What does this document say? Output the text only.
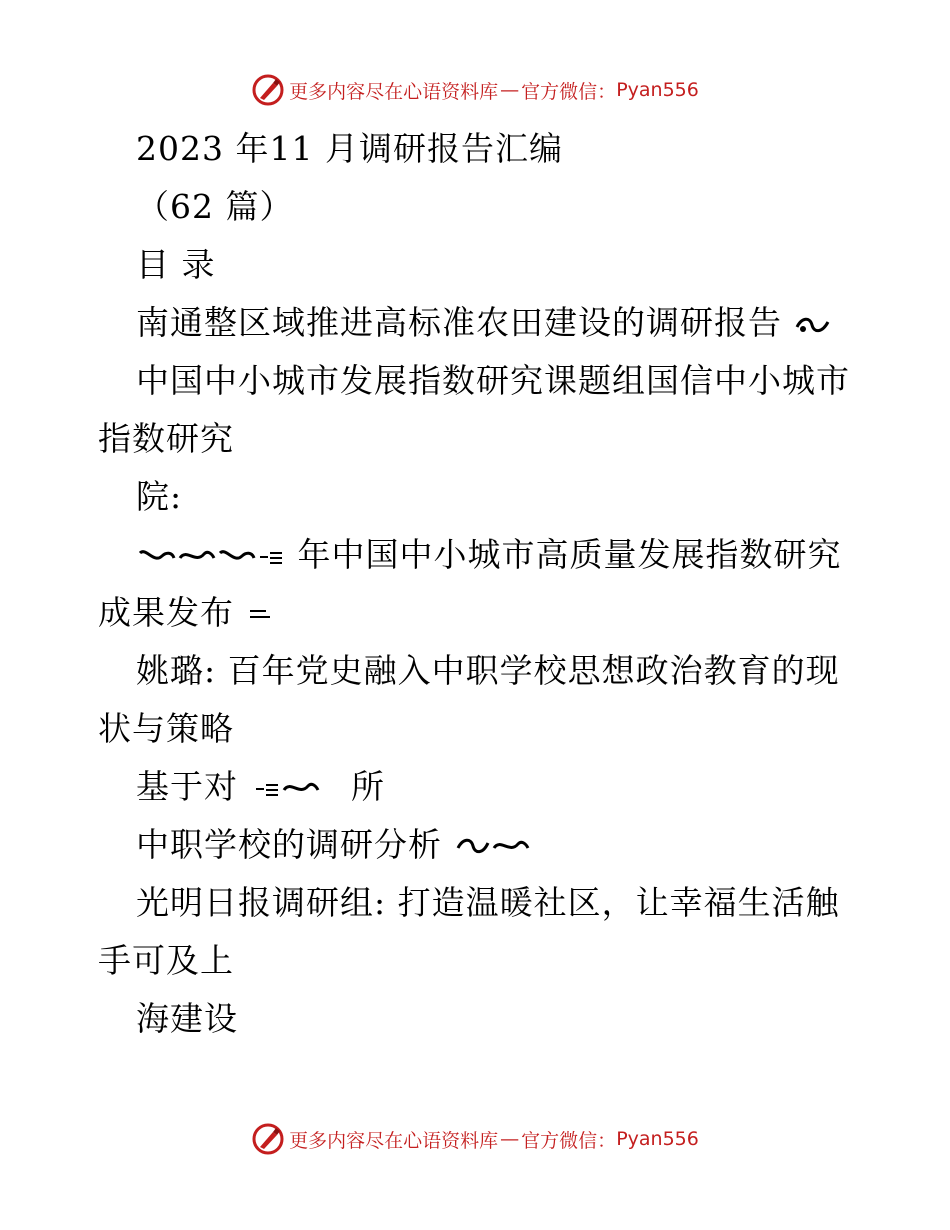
更多内容尽在心语资料库 — 官方微信： Pyan556
2023 年11 月调研报告汇编
（62 篇）
目 录
南通整区域推进高标准农田建设的调研报告
中国中小城市发展指数研究课题组国信中小城市
指数研究
院:
年中国中小城市高质量发展指数研究
成果发布
姚璐: 百年党史融入中职学校思想政治教育的现
状与策略
基于对	所
中职学校的调研分析
光明日报调研组: 打造温暖社区，让幸福生活触
手可及上
海建设
更多内容尽在心语资料库 — 官方微信： Pyan556
